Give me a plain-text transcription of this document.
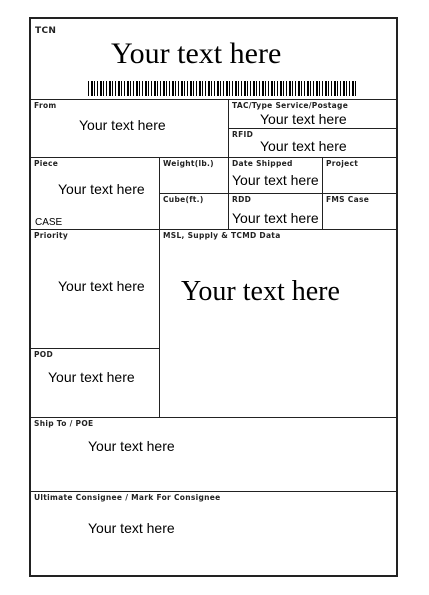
TCN
Your text here
From
Your text here
TAC/Type Service/Postage
Your text here
RFID
Your text here
Piece
Your text here
CASE
Weight(lb.)
Cube(ft.)
Date Shipped
Your text here
Project
RDD
Your text here
FMS Case
Priority
Your text here
MSL, Supply & TCMD Data
Your text here
POD
Your text here
Ship To / POE
Your text here
Ultimate Consignee / Mark For Consignee
Your text here
